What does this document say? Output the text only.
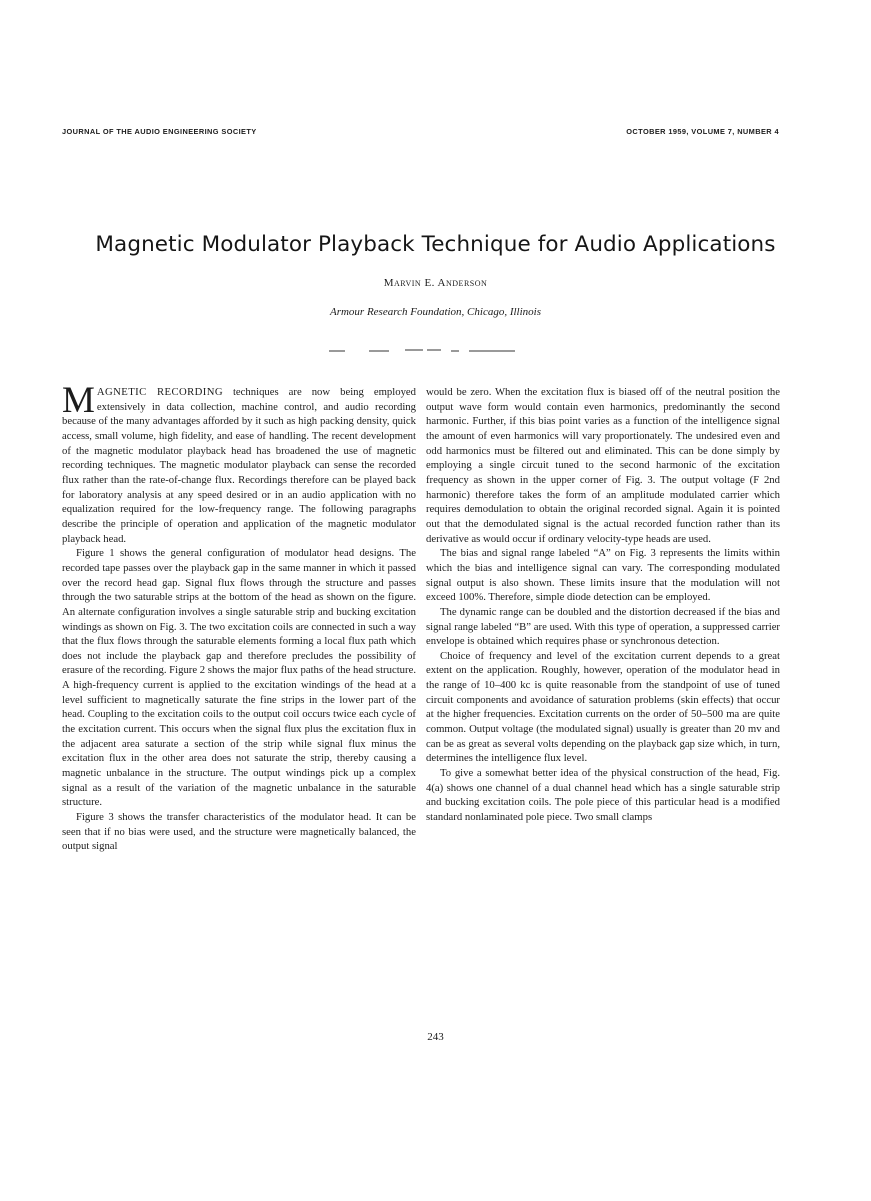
JOURNAL OF THE AUDIO ENGINEERING SOCIETY	OCTOBER 1959, VOLUME 7, NUMBER 4
Magnetic Modulator Playback Technique for Audio Applications
Marvin E. Anderson
Armour Research Foundation, Chicago, Illinois

MAGNETIC RECORDING techniques are now being employed extensively in data collection, machine control, and audio recording because of the many advantages afforded by it such as high packing density, quick access, small volume, high fidelity, and ease of handling. The recent development of the magnetic modulator playback head has broadened the use of magnetic recording techniques. The magnetic modulator playback can sense the recorded flux rather than the rate-of-change flux. Recordings therefore can be played back for laboratory analysis at any speed desired or in an audio application with no equalization required for the low-frequency range. The following paragraphs describe the principle of operation and application of the magnetic modulator playback head.

Figure 1 shows the general configuration of modulator head designs. The recorded tape passes over the playback gap in the same manner in which it passed over the record head gap. Signal flux flows through the structure and passes through the two saturable strips at the bottom of the head as shown on the figure. An alternate configuration involves a single saturable strip and bucking excitation windings as shown on Fig. 3. The two excitation coils are connected in such a way that the flux flows through the saturable elements forming a local flux path which does not include the playback gap and therefore precludes the possibility of erasure of the recording. Figure 2 shows the major flux paths of the head structure. A high-frequency current is applied to the excitation windings of the head at a level sufficient to magnetically saturate the fine strips in the lower part of the head. Coupling to the excitation coils to the output coil occurs twice each cycle of the excitation current. This occurs when the signal flux plus the excitation flux in the adjacent area saturate a section of the strip while signal flux minus the excitation flux in the other area does not saturate the strip, thereby causing a magnetic unbalance in the structure. The output windings pick up a complex signal as a result of the variation of the magnetic unbalance in the saturable structure.

Figure 3 shows the transfer characteristics of the modulator head. It can be seen that if no bias were used, and the structure were magnetically balanced, the output signal

would be zero. When the excitation flux is biased off of the neutral position the output wave form would contain even harmonics, predominantly the second harmonic. Further, if this bias point varies as a function of the intelligence signal the amount of even harmonics will vary proportionately. The undesired even and odd harmonics must be filtered out and eliminated. This can be done simply by employing a single circuit tuned to the second harmonic of the excitation frequency as shown in the upper corner of Fig. 3. The output voltage (F 2nd harmonic) therefore takes the form of an amplitude modulated carrier which requires demodulation to obtain the original recorded signal. Again it is pointed out that the demodulated signal is the actual recorded function rather than its derivative as would occur if ordinary velocity-type heads are used.

The bias and signal range labeled “A” on Fig. 3 represents the limits within which the bias and intelligence signal can vary. The corresponding modulated signal output is also shown. These limits insure that the modulation will not exceed 100%. Therefore, simple diode detection can be employed.

The dynamic range can be doubled and the distortion decreased if the bias and signal range labeled “B” are used. With this type of operation, a suppressed carrier envelope is obtained which requires phase or synchronous detection.

Choice of frequency and level of the excitation current depends to a great extent on the application. Roughly, however, operation of the modulator head in the range of 10–400 kc is quite reasonable from the standpoint of use of tuned circuit components and avoidance of saturation problems (skin effects) that occur at the higher frequencies. Excitation currents on the order of 50–500 ma are quite common. Output voltage (the modulated signal) usually is greater than 20 mv and can be as great as several volts depending on the playback gap size which, in turn, determines the intelligence flux level.

To give a somewhat better idea of the physical construction of the head, Fig. 4(a) shows one channel of a dual channel head which has a single saturable strip and bucking excitation coils. The pole piece of this particular head is a modified standard nonlaminated pole piece. Two small clamps

243
